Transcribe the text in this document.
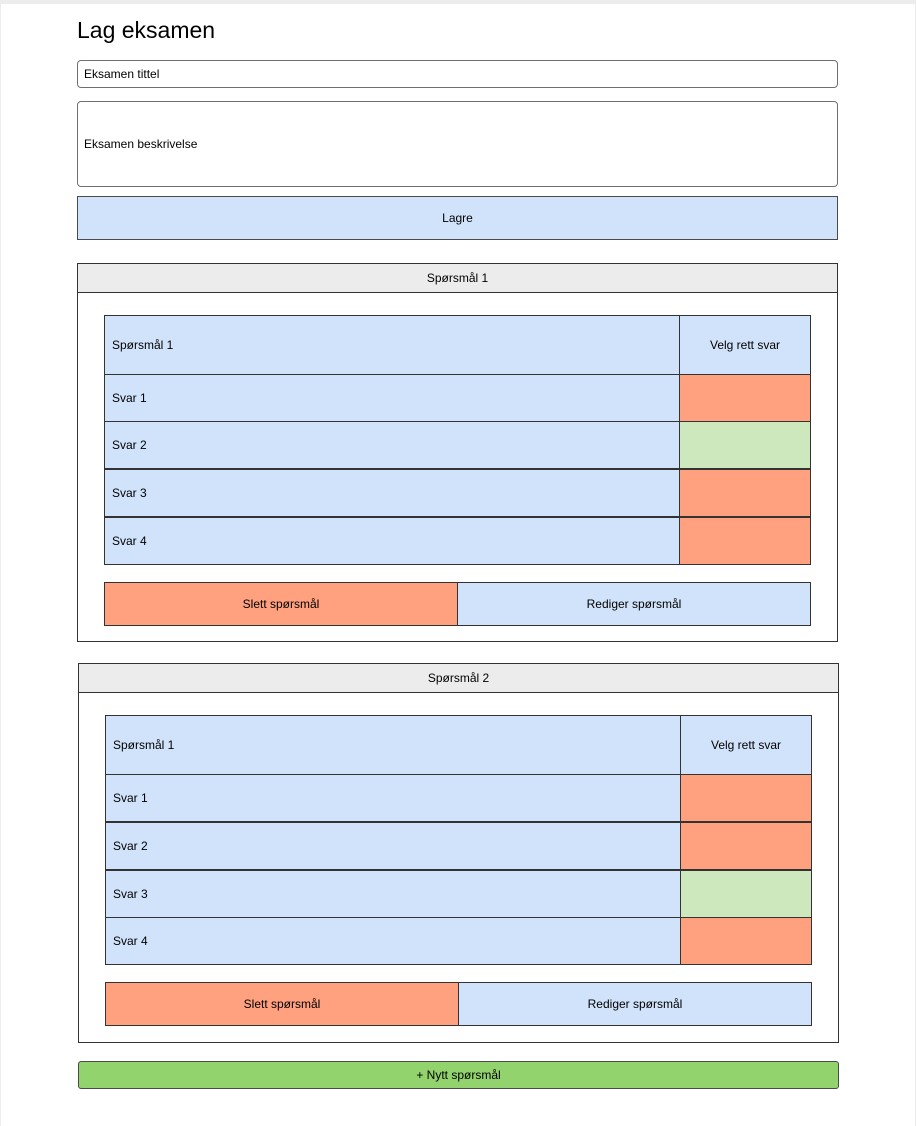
Lag eksamen
Eksamen tittel
Eksamen beskrivelse
Lagre
Spørsmål 1
Spørsmål 1	Velg rett svar
Svar 1
Svar 2
Svar 3
Svar 4
Slett spørsmål	Rediger spørsmål
Spørsmål 2
Spørsmål 1	Velg rett svar
Svar 1
Svar 2
Svar 3
Svar 4
Slett spørsmål	Rediger spørsmål
+ Nytt spørsmål
